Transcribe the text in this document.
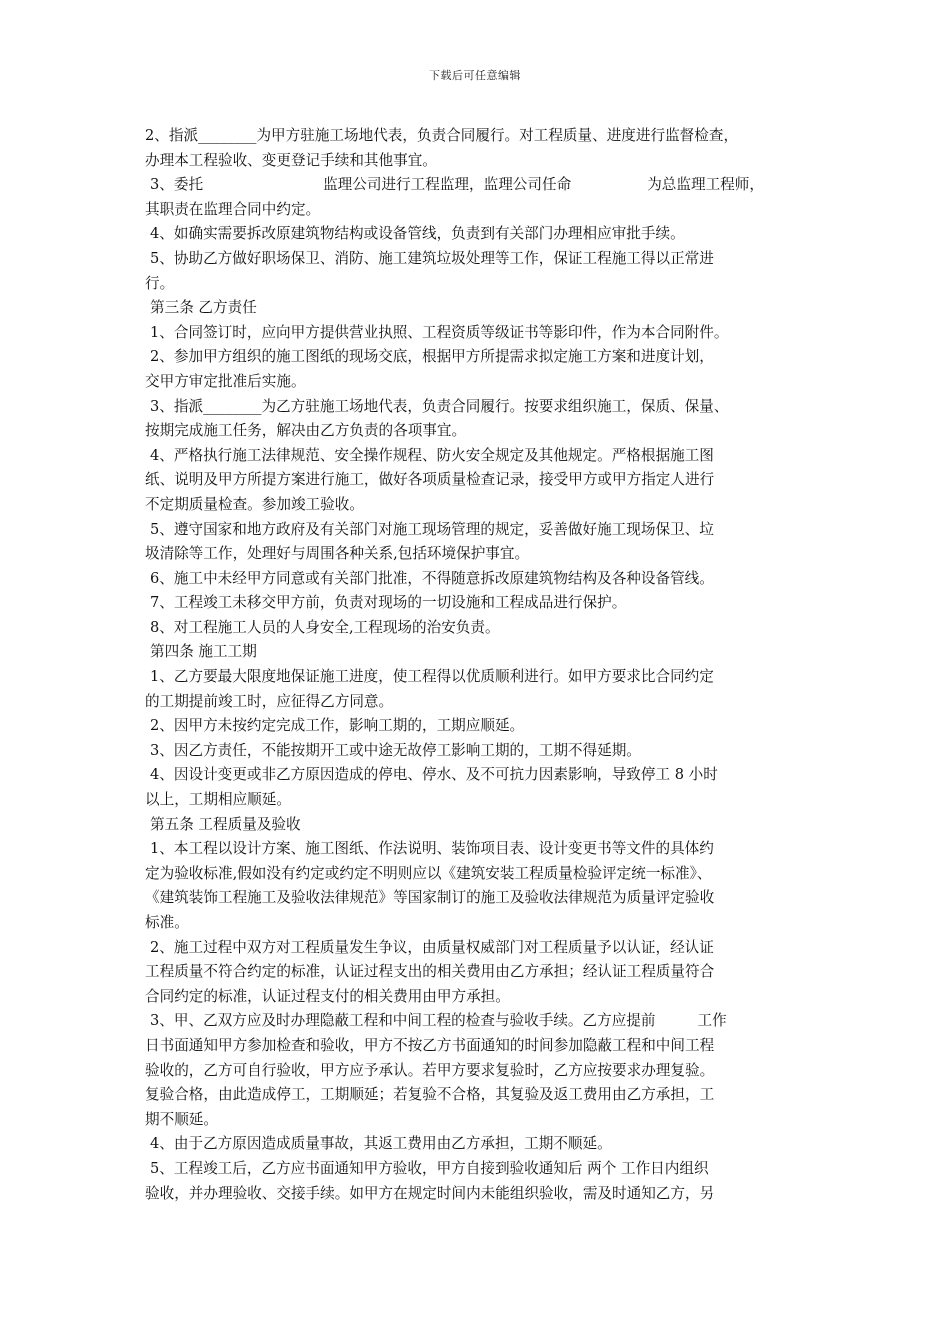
下载后可任意编辑
2、指派________为甲方驻施工场地代表，负责合同履行。对工程质量、进度进行监督检查，
办理本工程验收、变更登记手续和其他事宜。
3、委托	监理公司进行工程监理，监理公司任命	为总监理工程师，
其职责在监理合同中约定。
4、如确实需要拆改原建筑物结构或设备管线，负责到有关部门办理相应审批手续。
5、协助乙方做好职场保卫、消防、施工建筑垃圾处理等工作，保证工程施工得以正常进
行。
第三条 乙方责任
1、合同签订时，应向甲方提供营业执照、工程资质等级证书等影印件，作为本合同附件。
2、参加甲方组织的施工图纸的现场交底，根据甲方所提需求拟定施工方案和进度计划，
交甲方审定批准后实施。
3、指派________为乙方驻施工场地代表，负责合同履行。按要求组织施工，保质、保量、
按期完成施工任务，解决由乙方负责的各项事宜。
4、严格执行施工法律规范、安全操作规程、防火安全规定及其他规定。严格根据施工图
纸、说明及甲方所提方案进行施工，做好各项质量检查记录，接受甲方或甲方指定人进行
不定期质量检查。参加竣工验收。
5、遵守国家和地方政府及有关部门对施工现场管理的规定，妥善做好施工现场保卫、垃
圾清除等工作，处理好与周围各种关系,包括环境保护事宜。
6、施工中未经甲方同意或有关部门批准，不得随意拆改原建筑物结构及各种设备管线。
7、工程竣工未移交甲方前，负责对现场的一切设施和工程成品进行保护。
8、对工程施工人员的人身安全,工程现场的治安负责。
第四条 施工工期
1、乙方要最大限度地保证施工进度，使工程得以优质顺利进行。如甲方要求比合同约定
的工期提前竣工时，应征得乙方同意。
2、因甲方未按约定完成工作，影响工期的，工期应顺延。
3、因乙方责任，不能按期开工或中途无故停工影响工期的，工期不得延期。
4、因设计变更或非乙方原因造成的停电、停水、及不可抗力因素影响，导致停工 8 小时
以上，工期相应顺延。
第五条 工程质量及验收
1、本工程以设计方案、施工图纸、作法说明、装饰项目表、设计变更书等文件的具体约
定为验收标准,假如没有约定或约定不明则应以《建筑安装工程质量检验评定统一标准》、
《建筑装饰工程施工及验收法律规范》等国家制订的施工及验收法律规范为质量评定验收
标准。
2、施工过程中双方对工程质量发生争议，由质量权威部门对工程质量予以认证，经认证
工程质量不符合约定的标准，认证过程支出的相关费用由乙方承担；经认证工程质量符合
合同约定的标准，认证过程支付的相关费用由甲方承担。
3、甲、乙双方应及时办理隐蔽工程和中间工程的检查与验收手续。乙方应提前	工作
日书面通知甲方参加检查和验收，甲方不按乙方书面通知的时间参加隐蔽工程和中间工程
验收的，乙方可自行验收，甲方应予承认。若甲方要求复验时，乙方应按要求办理复验。
复验合格，由此造成停工，工期顺延；若复验不合格，其复验及返工费用由乙方承担，工
期不顺延。
4、由于乙方原因造成质量事故，其返工费用由乙方承担，工期不顺延。
5、工程竣工后，乙方应书面通知甲方验收，甲方自接到验收通知后 两个 工作日内组织
验收，并办理验收、交接手续。如甲方在规定时间内未能组织验收，需及时通知乙方，另
